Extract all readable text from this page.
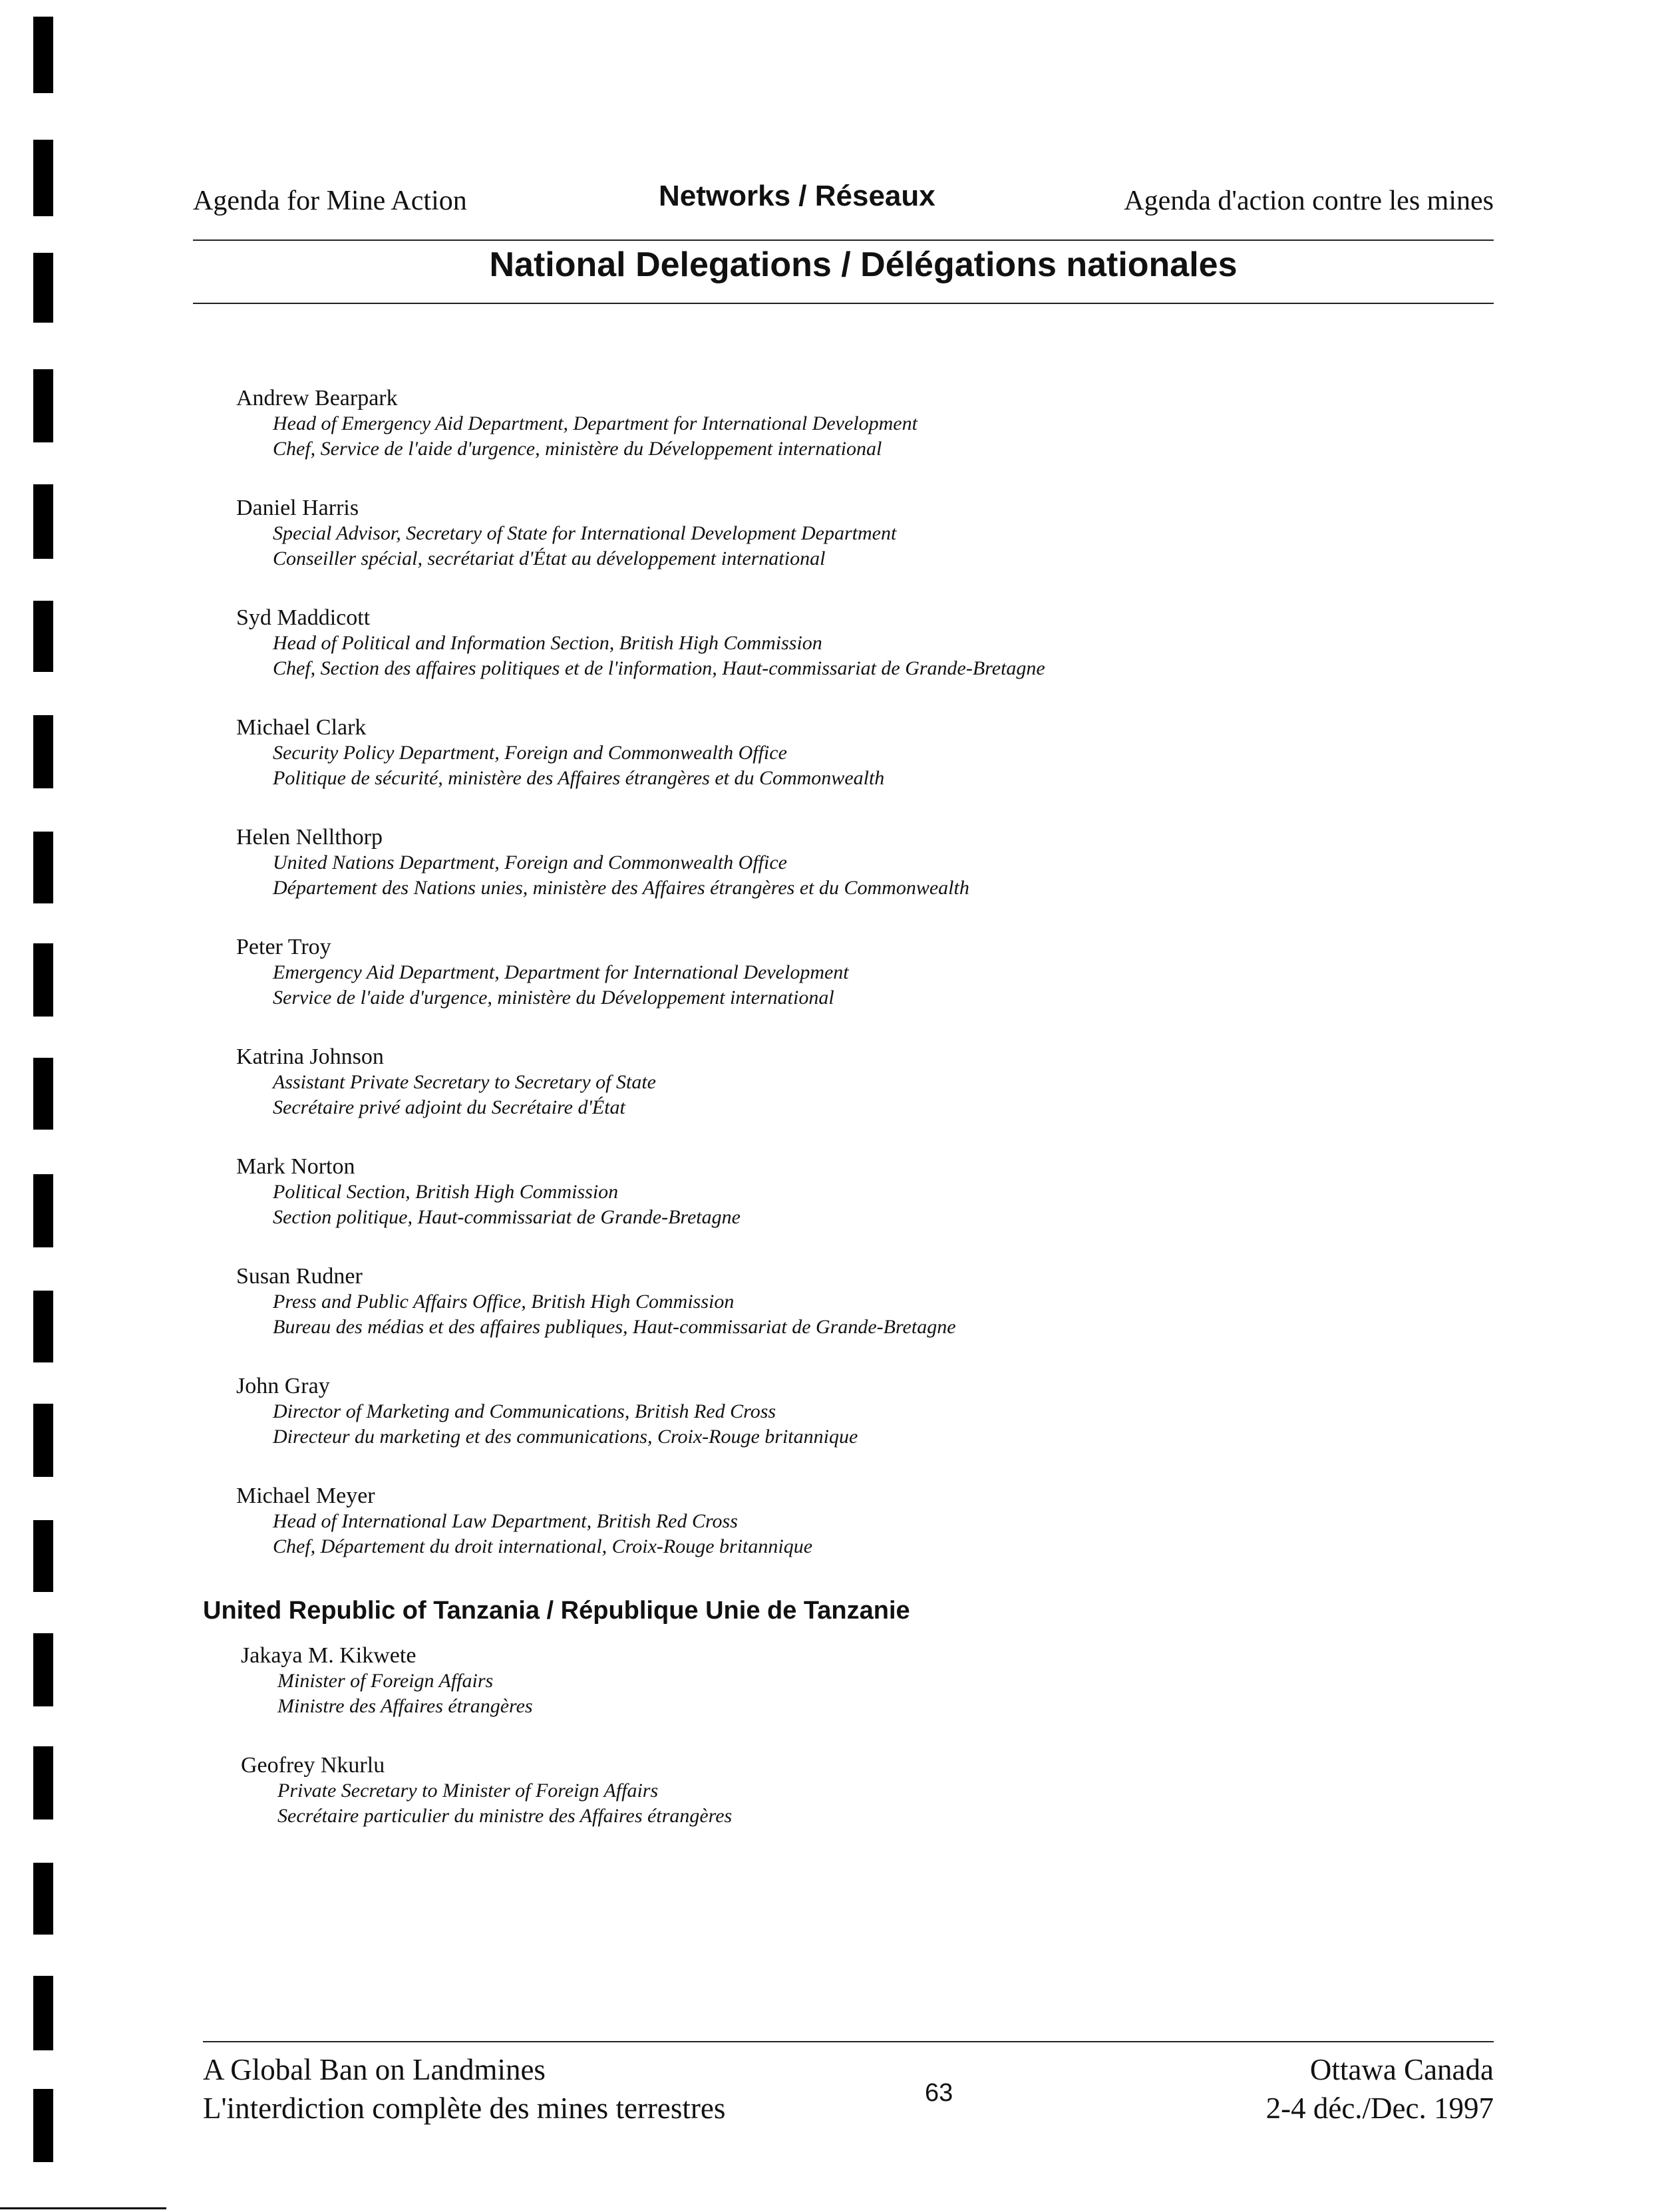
Agenda for Mine Action	Networks / Réseaux	Agenda d'action contre les mines
National Delegations / Délégations nationales
Andrew Bearpark
Head of Emergency Aid Department, Department for International Development
Chef, Service de l'aide d'urgence, ministère du Développement international
Daniel Harris
Special Advisor, Secretary of State for International Development Department
Conseiller spécial, secrétariat d'État au développement international
Syd Maddicott
Head of Political and Information Section, British High Commission
Chef, Section des affaires politiques et de l'information, Haut-commissariat de Grande-Bretagne
Michael Clark
Security Policy Department, Foreign and Commonwealth Office
Politique de sécurité, ministère des Affaires étrangères et du Commonwealth
Helen Nellthorp
United Nations Department, Foreign and Commonwealth Office
Département des Nations unies, ministère des Affaires étrangères et du Commonwealth
Peter Troy
Emergency Aid Department, Department for International Development
Service de l'aide d'urgence, ministère du Développement international
Katrina Johnson
Assistant Private Secretary to Secretary of State
Secrétaire privé adjoint du Secrétaire d'État
Mark Norton
Political Section, British High Commission
Section politique, Haut-commissariat de Grande-Bretagne
Susan Rudner
Press and Public Affairs Office, British High Commission
Bureau des médias et des affaires publiques, Haut-commissariat de Grande-Bretagne
John Gray
Director of Marketing and Communications, British Red Cross
Directeur du marketing et des communications, Croix-Rouge britannique
Michael Meyer
Head of International Law Department, British Red Cross
Chef, Département du droit international, Croix-Rouge britannique
United Republic of Tanzania / République Unie de Tanzanie
Jakaya M. Kikwete
Minister of Foreign Affairs
Ministre des Affaires étrangères
Geofrey Nkurlu
Private Secretary to Minister of Foreign Affairs
Secrétaire particulier du ministre des Affaires étrangères
A Global Ban on Landmines
L'interdiction complète des mines terrestres	63
Ottawa Canada
2-4 déc./Dec. 1997
